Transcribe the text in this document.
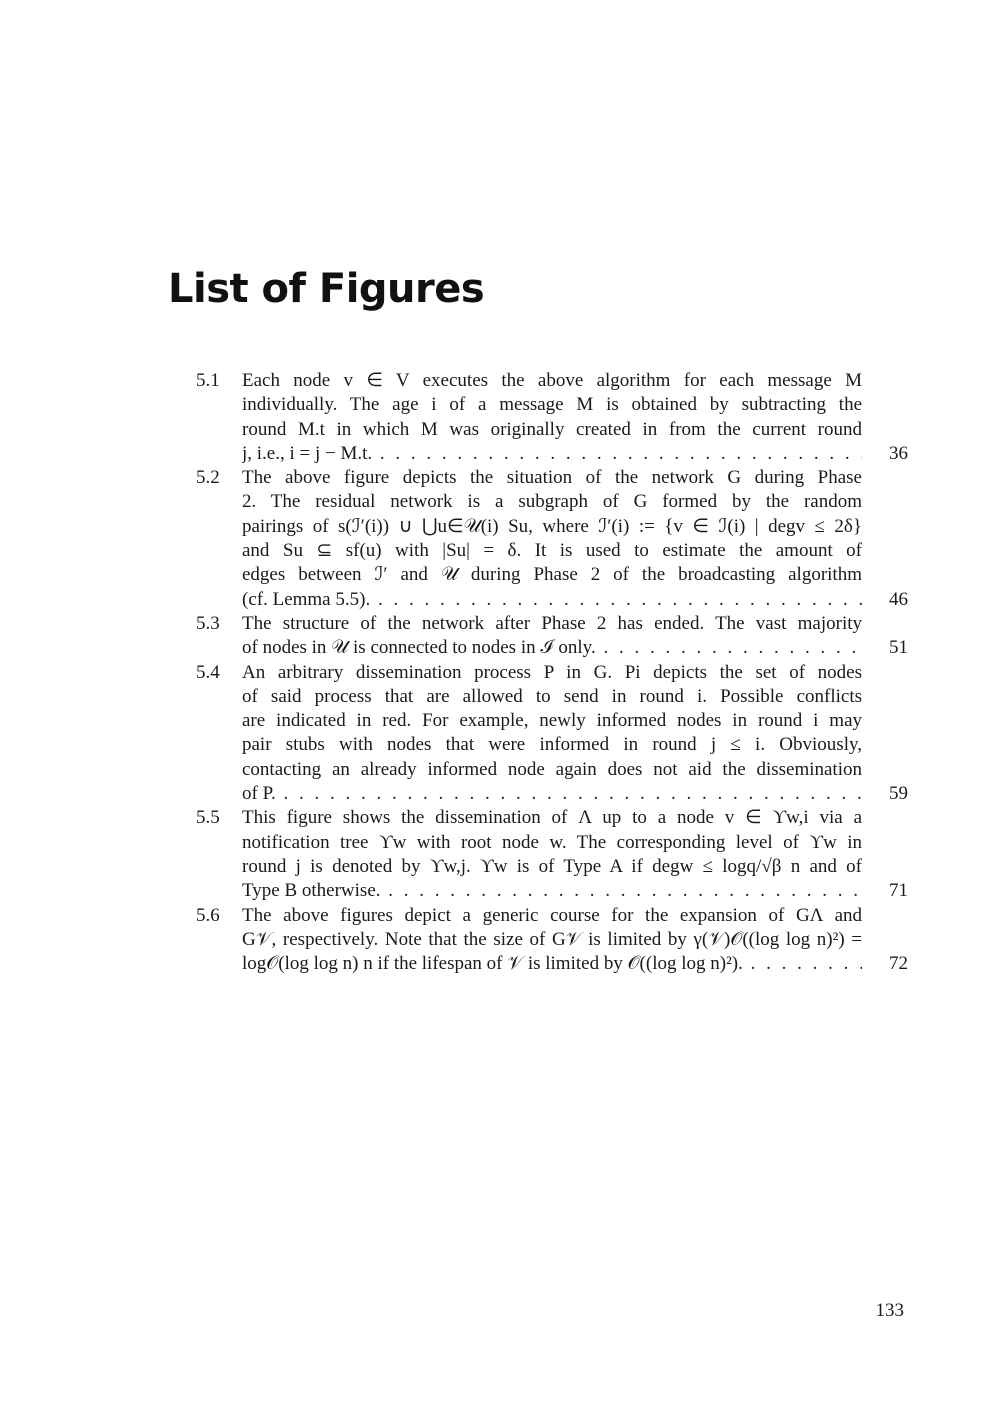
List of Figures
5.1 Each node v ∈ V executes the above algorithm for each message M
individually. The age i of a message M is obtained by subtracting the
round M.t in which M was originally created in from the current round
j, i.e., i = j − M.t. . . .	36
5.2 The above figure depicts the situation of the network G during Phase
2. The residual network is a subgraph of G formed by the random
pairings of s(ℐ′(i)) ∪ ⋃u∈𝒰(i) Su, where ℐ′(i) := {v ∈ ℐ(i) | degv ≤ 2δ}
and Su ⊆ sf(u) with |Su| = δ. It is used to estimate the amount of
edges between ℐ′ and 𝒰 during Phase 2 of the broadcasting algorithm
(cf. Lemma 5.5). . . .	46
5.3 The structure of the network after Phase 2 has ended. The vast majority
of nodes in 𝒰 is connected to nodes in ℐ only. . . .	51
5.4 An arbitrary dissemination process P in G. Pi depicts the set of nodes
of said process that are allowed to send in round i. Possible conflicts
are indicated in red. For example, newly informed nodes in round i may
pair stubs with nodes that were informed in round j ≤ i. Obviously,
contacting an already informed node again does not aid the dissemination
of P. . . .	59
5.5 This figure shows the dissemination of Λ up to a node v ∈ ϒw,i via a
notification tree ϒw with root node w. The corresponding level of ϒw in
round j is denoted by ϒw,j. ϒw is of Type A if degw ≤ logq/√β n and of
Type B otherwise. . . .	71
5.6 The above figures depict a generic course for the expansion of GΛ and
G𝒱, respectively. Note that the size of G𝒱 is limited by γ(𝒱)𝒪((log log n)²) =
log𝒪(log log n) n if the lifespan of 𝒱 is limited by 𝒪((log log n)²). . . .	72
133
